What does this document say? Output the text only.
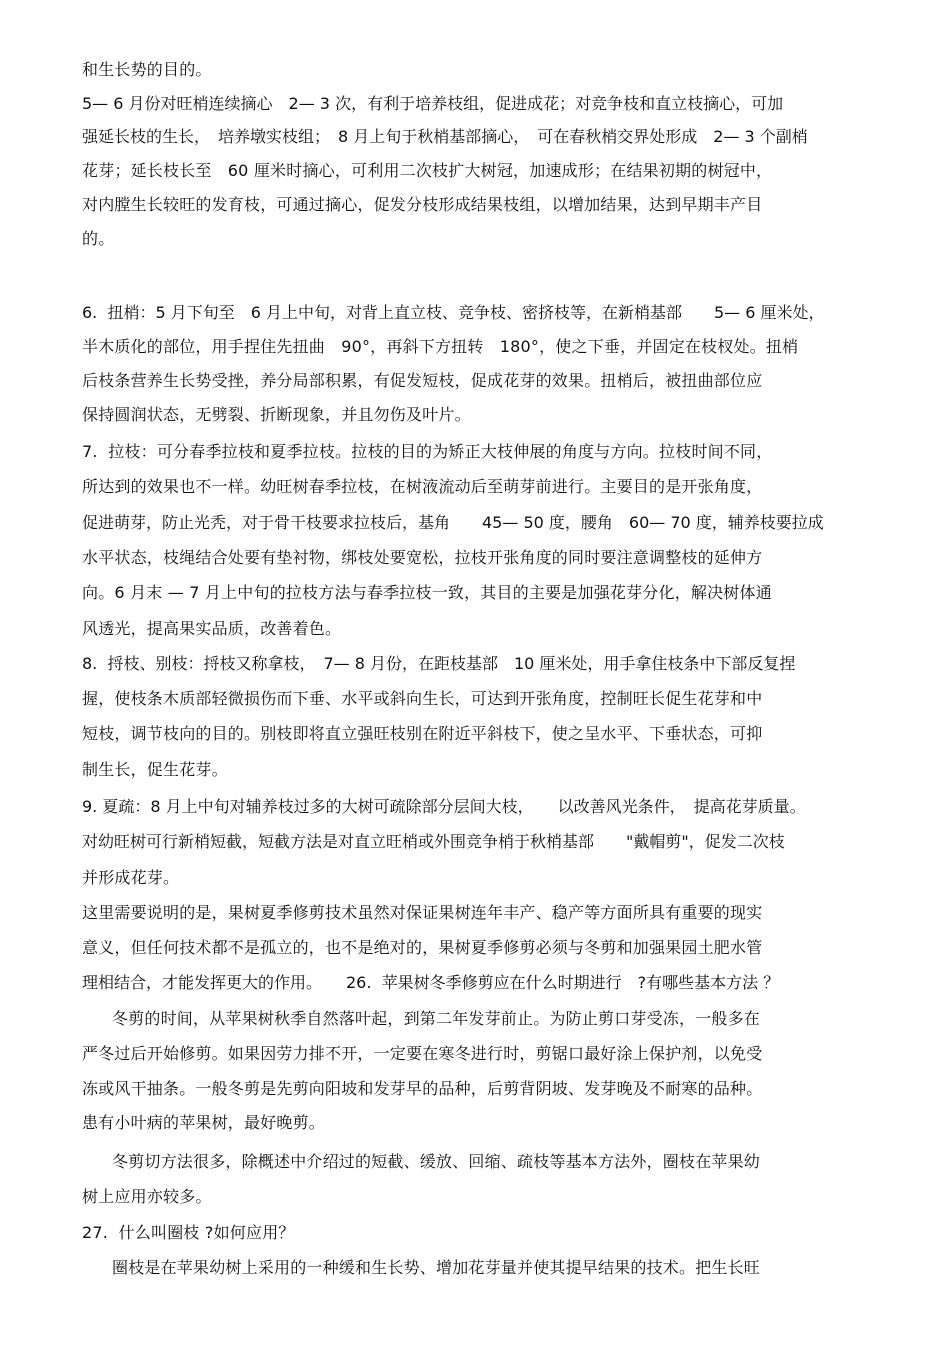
和生长势的目的。
5— 6 月份对旺梢连续摘心　2— 3 次，有利于培养枝组，促进成花；对竞争枝和直立枝摘心，可加
强延长枝的生长，　培养墩实枝组；　8 月上旬于秋梢基部摘心，　可在春秋梢交界处形成　2— 3 个副梢
花芽；延长枝长至　60 厘米时摘心，可利用二次枝扩大树冠，加速成形；在结果初期的树冠中，
对内膛生长较旺的发育枝，可通过摘心，促发分枝形成结果枝组，以增加结果，达到早期丰产目
的。
6.  扭梢：5 月下旬至　6 月上中旬，对背上直立枝、竞争枝、密挤枝等，在新梢基部　　5— 6 厘米处，
半木质化的部位，用手捏住先扭曲　90°，再斜下方扭转　180°，使之下垂，并固定在枝杈处。扭梢
后枝条营养生长势受挫，养分局部积累，有促发短枝，促成花芽的效果。扭梢后，被扭曲部位应
保持圆润状态，无劈裂、折断现象，并且勿伤及叶片。
7.  拉枝：可分春季拉枝和夏季拉枝。拉枝的目的为矫正大枝伸展的角度与方向。拉枝时间不同，
所达到的效果也不一样。幼旺树春季拉枝，在树液流动后至萌芽前进行。主要目的是开张角度，
促进萌芽，防止光秃，对于骨干枝要求拉枝后，基角　　45— 50 度，腰角　60— 70 度，辅养枝要拉成
水平状态，枝绳结合处要有垫衬物，绑枝处要宽松，拉枝开张角度的同时要注意调整枝的延伸方
向。6 月末 — 7 月上中旬的拉枝方法与春季拉枝一致，其目的主要是加强花芽分化，解决树体通
风透光，提高果实品质，改善着色。
8.  捋枝、别枝：捋枝又称拿枝，　7— 8 月份，在距枝基部　10 厘米处，用手拿住枝条中下部反复捏
握，使枝条木质部轻微损伤而下垂、水平或斜向生长，可达到开张角度，控制旺长促生花芽和中
短枝，调节枝向的目的。别枝即将直立强旺枝别在附近平斜枝下，使之呈水平、下垂状态，可抑
制生长，促生花芽。
9. 夏疏：8 月上中旬对辅养枝过多的大树可疏除部分层间大枝，　　以改善风光条件，　提高花芽质量。
对幼旺树可行新梢短截，短截方法是对直立旺梢或外围竞争梢于秋梢基部　　"戴帽剪"，促发二次枝
并形成花芽。
这里需要说明的是，果树夏季修剪技术虽然对保证果树连年丰产、稳产等方面所具有重要的现实
意义，但任何技术都不是孤立的，也不是绝对的，果树夏季修剪必须与冬剪和加强果园土肥水管
理相结合，才能发挥更大的作用。　　26.  苹果树冬季修剪应在什么时期进行　?有哪些基本方法 ？
冬剪的时间，从苹果树秋季自然落叶起，到第二年发芽前止。为防止剪口芽受冻，一般多在
严冬过后开始修剪。如果因劳力排不开，一定要在寒冬进行时，剪锯口最好涂上保护剂，以免受
冻或风干抽条。一般冬剪是先剪向阳坡和发芽早的品种，后剪背阴坡、发芽晚及不耐寒的品种。
患有小叶病的苹果树，最好晚剪。
冬剪切方法很多，除概述中介绍过的短截、缓放、回缩、疏枝等基本方法外，圈枝在苹果幼
树上应用亦较多。
27.  什么叫圈枝 ?如何应用？
圈枝是在苹果幼树上采用的一种缓和生长势、增加花芽量并使其提早结果的技术。把生长旺
